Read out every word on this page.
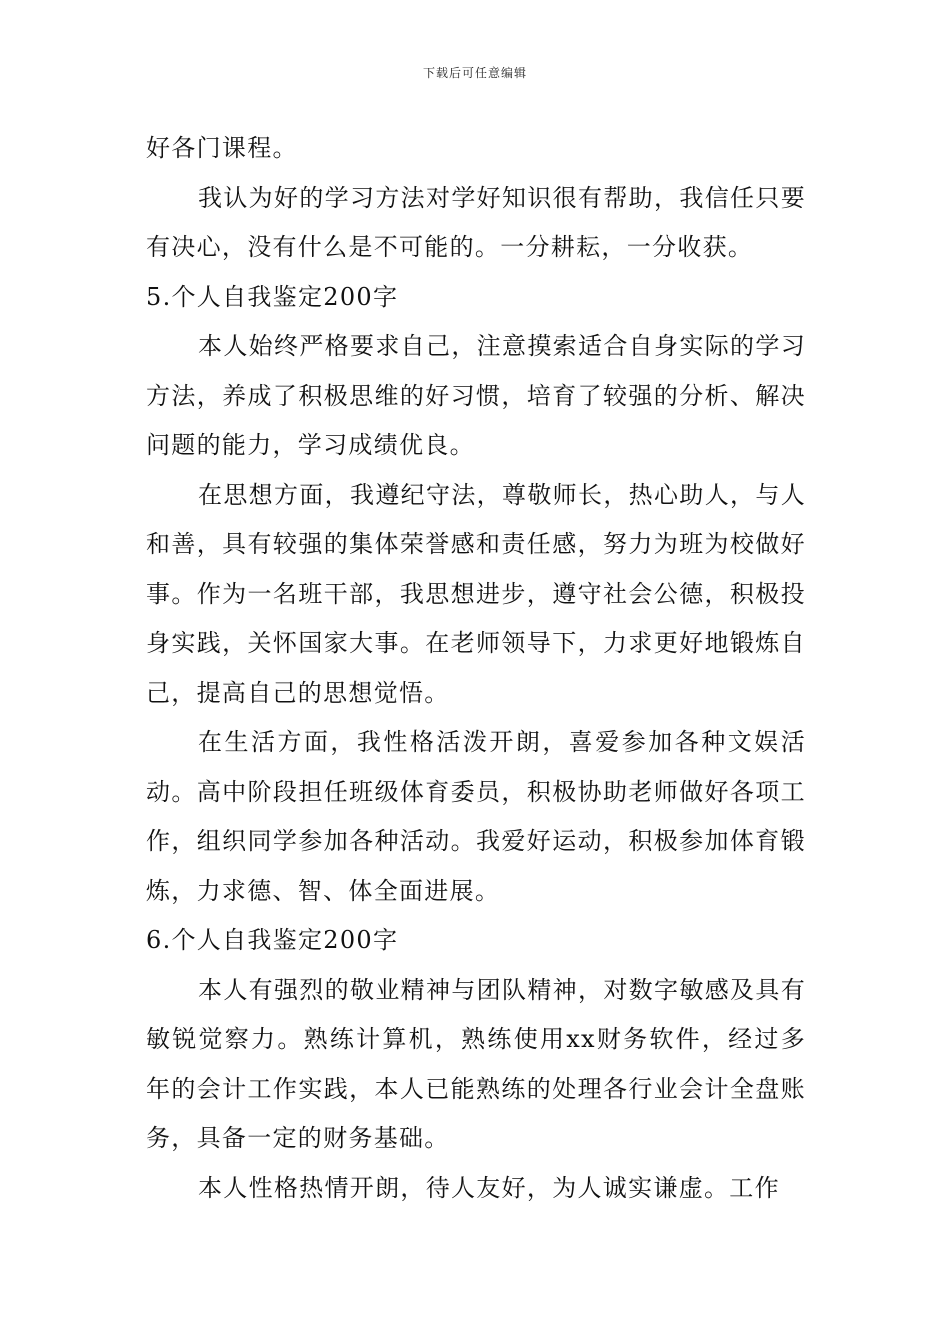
下载后可任意编辑

好各门课程。

我认为好的学习方法对学好知识很有帮助，我信任只要有决心，没有什么是不可能的。一分耕耘，一分收获。

5.个人自我鉴定200字

本人始终严格要求自己，注意摸索适合自身实际的学习方法，养成了积极思维的好习惯，培育了较强的分析、解决问题的能力，学习成绩优良。

在思想方面，我遵纪守法，尊敬师长，热心助人，与人和善，具有较强的集体荣誉感和责任感，努力为班为校做好事。作为一名班干部，我思想进步，遵守社会公德，积极投身实践，关怀国家大事。在老师领导下，力求更好地锻炼自己，提高自己的思想觉悟。

在生活方面，我性格活泼开朗，喜爱参加各种文娱活动。高中阶段担任班级体育委员，积极协助老师做好各项工作，组织同学参加各种活动。我爱好运动，积极参加体育锻炼，力求德、智、体全面进展。

6.个人自我鉴定200字

本人有强烈的敬业精神与团队精神，对数字敏感及具有敏锐觉察力。熟练计算机，熟练使用xx财务软件，经过多年的会计工作实践，本人已能熟练的处理各行业会计全盘账务，具备一定的财务基础。

本人性格热情开朗，待人友好，为人诚实谦虚。工作
